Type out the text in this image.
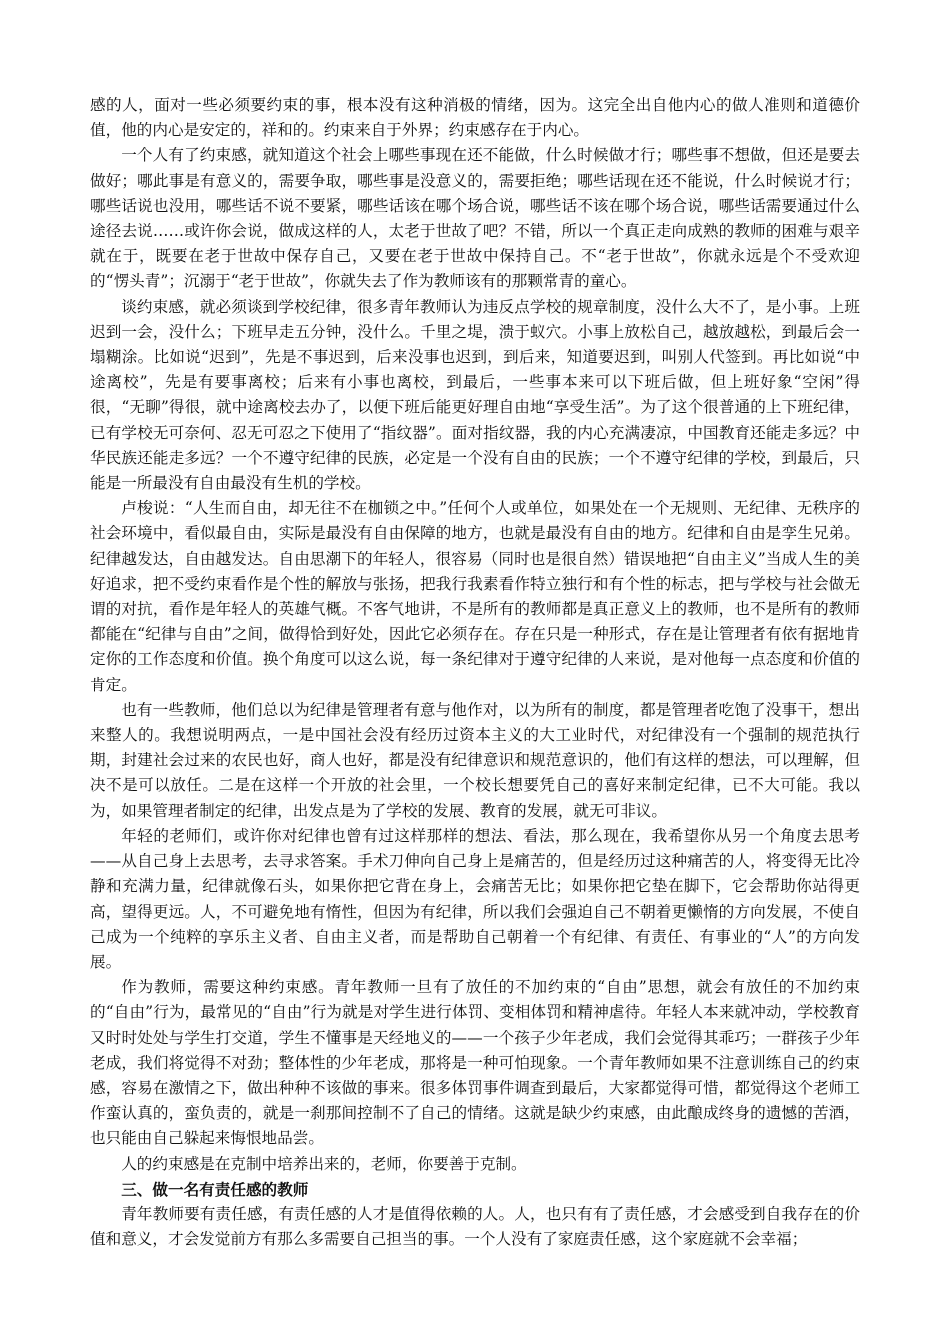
感的人，面对一些必须要约束的事，根本没有这种消极的情绪，因为。这完全出自他内心的做人准则和道德价值，他的内心是安定的，祥和的。约束来自于外界；约束感存在于内心。

一个人有了约束感，就知道这个社会上哪些事现在还不能做，什么时候做才行；哪些事不想做，但还是要去做好；哪此事是有意义的，需要争取，哪些事是没意义的，需要拒绝；哪些话现在还不能说，什么时候说才行；哪些话说也没用，哪些话不说不要紧，哪些话该在哪个场合说，哪些话不该在哪个场合说，哪些话需要通过什么途径去说……或许你会说，做成这样的人，太老于世故了吧？不错，所以一个真正走向成熟的教师的困难与艰辛就在于，既要在老于世故中保存自己，又要在老于世故中保持自己。不“老于世故”，你就永远是个不受欢迎的“愣头青”；沉溺于“老于世故”，你就失去了作为教师该有的那颗常青的童心。

谈约束感，就必须谈到学校纪律，很多青年教师认为违反点学校的规章制度，没什么大不了，是小事。上班迟到一会，没什么；下班早走五分钟，没什么。千里之堤，溃于蚁穴。小事上放松自己，越放越松，到最后会一塌糊涂。比如说“迟到”，先是不事迟到，后来没事也迟到，到后来，知道要迟到，叫别人代签到。再比如说“中途离校”，先是有要事离校；后来有小事也离校，到最后，一些事本来可以下班后做，但上班好象“空闲”得很，“无聊”得很，就中途离校去办了，以便下班后能更好理自由地“享受生活”。为了这个很普通的上下班纪律，已有学校无可奈何、忍无可忍之下使用了“指纹器”。面对指纹器，我的内心充满凄凉，中国教育还能走多远？中华民族还能走多远？一个不遵守纪律的民族，必定是一个没有自由的民族；一个不遵守纪律的学校，到最后，只能是一所最没有自由最没有生机的学校。

卢梭说：“人生而自由，却无往不在枷锁之中。”任何个人或单位，如果处在一个无规则、无纪律、无秩序的社会环境中，看似最自由，实际是最没有自由保障的地方，也就是最没有自由的地方。纪律和自由是孪生兄弟。纪律越发达，自由越发达。自由思潮下的年轻人，很容易（同时也是很自然）错误地把“自由主义”当成人生的美好追求，把不受约束看作是个性的解放与张扬，把我行我素看作特立独行和有个性的标志，把与学校与社会做无谓的对抗，看作是年轻人的英雄气概。不客气地讲，不是所有的教师都是真正意义上的教师，也不是所有的教师都能在“纪律与自由”之间，做得恰到好处，因此它必须存在。存在只是一种形式，存在是让管理者有依有据地肯定你的工作态度和价值。换个角度可以这么说，每一条纪律对于遵守纪律的人来说，是对他每一点态度和价值的肯定。

也有一些教师，他们总以为纪律是管理者有意与他作对，以为所有的制度，都是管理者吃饱了没事干，想出来整人的。我想说明两点，一是中国社会没有经历过资本主义的大工业时代，对纪律没有一个强制的规范执行期，封建社会过来的农民也好，商人也好，都是没有纪律意识和规范意识的，他们有这样的想法，可以理解，但决不是可以放任。二是在这样一个开放的社会里，一个校长想要凭自己的喜好来制定纪律，已不大可能。我以为，如果管理者制定的纪律，出发点是为了学校的发展、教育的发展，就无可非议。

年轻的老师们，或许你对纪律也曾有过这样那样的想法、看法，那么现在，我希望你从另一个角度去思考——从自己身上去思考，去寻求答案。手术刀伸向自己身上是痛苦的，但是经历过这种痛苦的人，将变得无比冷静和充满力量，纪律就像石头，如果你把它背在身上，会痛苦无比；如果你把它垫在脚下，它会帮助你站得更高，望得更远。人，不可避免地有惰性，但因为有纪律，所以我们会强迫自己不朝着更懒惰的方向发展，不使自己成为一个纯粹的享乐主义者、自由主义者，而是帮助自己朝着一个有纪律、有责任、有事业的“人”的方向发展。

作为教师，需要这种约束感。青年教师一旦有了放任的不加约束的“自由”思想，就会有放任的不加约束的“自由”行为，最常见的“自由”行为就是对学生进行体罚、变相体罚和精神虐待。年轻人本来就冲动，学校教育又时时处处与学生打交道，学生不懂事是天经地义的——一个孩子少年老成，我们会觉得其乖巧；一群孩子少年老成，我们将觉得不对劲；整体性的少年老成，那将是一种可怕现象。一个青年教师如果不注意训练自己的约束感，容易在激情之下，做出种种不该做的事来。很多体罚事件调查到最后，大家都觉得可惜，都觉得这个老师工作蛮认真的，蛮负责的，就是一刹那间控制不了自己的情绪。这就是缺少约束感，由此酿成终身的遗憾的苦酒，也只能由自己躲起来悔恨地品尝。

人的约束感是在克制中培养出来的，老师，你要善于克制。

三、做一名有责任感的教师

青年教师要有责任感，有责任感的人才是值得依赖的人。人，也只有有了责任感，才会感受到自我存在的价值和意义，才会发觉前方有那么多需要自己担当的事。一个人没有了家庭责任感，这个家庭就不会幸福；
